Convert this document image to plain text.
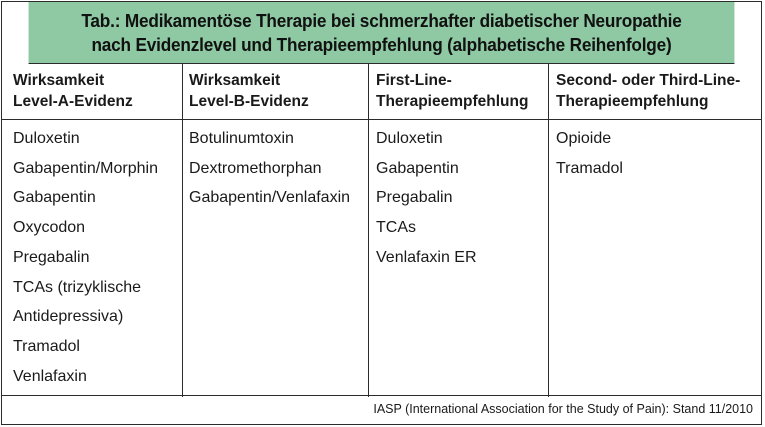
Tab.: Medikamentöse Therapie bei schmerzhafter diabetischer Neuropathie
nach Evidenzlevel und Therapieempfehlung (alphabetische Reihenfolge)
Wirksamkeit
Level-A-Evidenz
Duloxetin
Gabapentin/Morphin
Gabapentin
Oxycodon
Pregabalin
TCAs (trizyklische
Antidepressiva)
Tramadol
Venlafaxin
Wirksamkeit
Level-B-Evidenz
Botulinumtoxin
Dextromethorphan
Gabapentin/Venlafaxin
First-Line-
Therapieempfehlung
Duloxetin
Gabapentin
Pregabalin
TCAs
Venlafaxin ER
Second- oder Third-Line-
Therapieempfehlung
Opioide
Tramadol
IASP (International Association for the Study of Pain): Stand 11/2010
